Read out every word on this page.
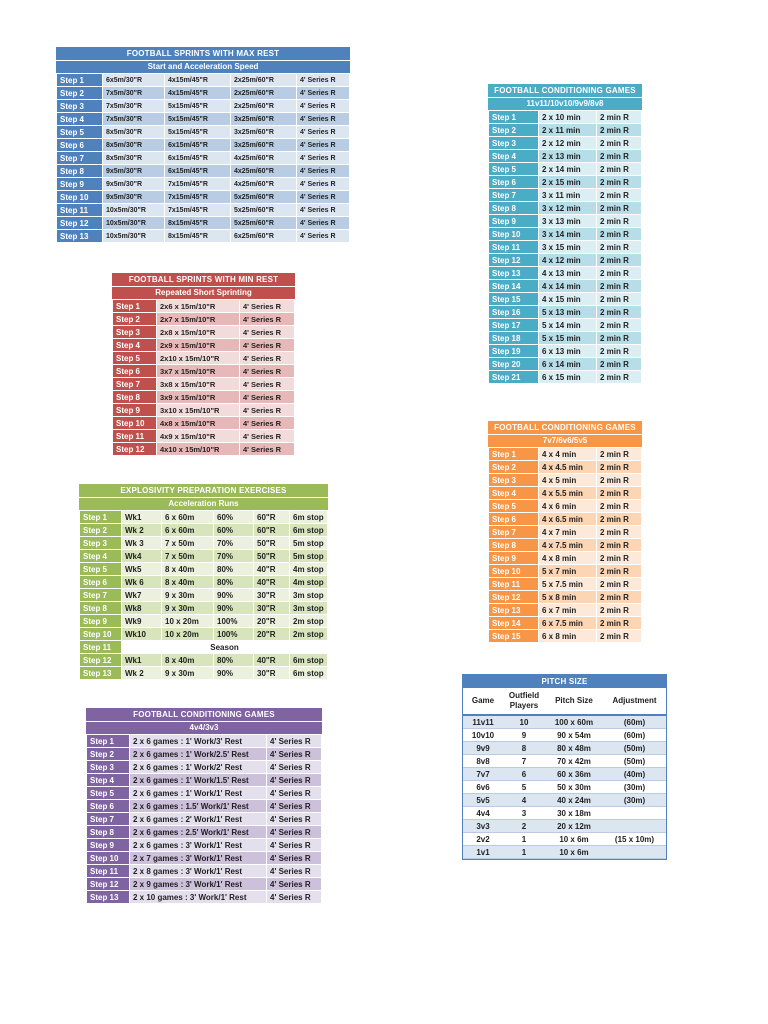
FOOTBALL SPRINTS WITH MAX REST
Start and Acceleration Speed
Step 1	6x5m/30"R	4x15m/45"R	2x25m/60"R	4' Series R
Step 2	7x5m/30"R	4x15m/45"R	2x25m/60"R	4' Series R
Step 3	7x5m/30"R	5x15m/45"R	2x25m/60"R	4' Series R
Step 4	7x5m/30"R	5x15m/45"R	3x25m/60"R	4' Series R
Step 5	8x5m/30"R	5x15m/45"R	3x25m/60"R	4' Series R
Step 6	8x5m/30"R	6x15m/45"R	3x25m/60"R	4' Series R
Step 7	8x5m/30"R	6x15m/45"R	4x25m/60"R	4' Series R
Step 8	9x5m/30"R	6x15m/45"R	4x25m/60"R	4' Series R
Step 9	9x5m/30"R	7x15m/45"R	4x25m/60"R	4' Series R
Step 10	9x5m/30"R	7x15m/45"R	5x25m/60"R	4' Series R
Step 11	10x5m/30"R	7x15m/45"R	5x25m/60"R	4' Series R
Step 12	10x5m/30"R	8x15m/45"R	5x25m/60"R	4' Series R
Step 13	10x5m/30"R	8x15m/45"R	6x25m/60"R	4' Series R
FOOTBALL SPRINTS WITH MIN REST
Repeated Short Sprinting
Step 1	2x6 x 15m/10"R	4' Series R
Step 2	2x7 x 15m/10"R	4' Series R
Step 3	2x8 x 15m/10"R	4' Series R
Step 4	2x9 x 15m/10"R	4' Series R
Step 5	2x10 x 15m/10"R	4' Series R
Step 6	3x7 x 15m/10"R	4' Series R
Step 7	3x8 x 15m/10"R	4' Series R
Step 8	3x9 x 15m/10"R	4' Series R
Step 9	3x10 x 15m/10"R	4' Series R
Step 10	4x8 x 15m/10"R	4' Series R
Step 11	4x9 x 15m/10"R	4' Series R
Step 12	4x10 x 15m/10"R	4' Series R
EXPLOSIVITY PREPARATION EXERCISES
Acceleration Runs
Step 1	Wk1	6 x 60m	60%	60"R	6m stop
Step 2	Wk 2	6 x 60m	60%	60"R	6m stop
Step 3	Wk 3	7 x 50m	70%	50"R	5m stop
Step 4	Wk4	7 x 50m	70%	50"R	5m stop
Step 5	Wk5	8 x 40m	80%	40"R	4m stop
Step 6	Wk 6	8 x 40m	80%	40"R	4m stop
Step 7	Wk7	9 x 30m	90%	30"R	3m stop
Step 8	Wk8	9 x 30m	90%	30"R	3m stop
Step 9	Wk9	10 x 20m	100%	20"R	2m stop
Step 10	Wk10	10 x 20m	100%	20"R	2m stop
Step 11	Season				
Step 12	Wk1	8 x 40m	80%	40"R	6m stop
Step 13	Wk 2	9 x 30m	90%	30"R	6m stop
FOOTBALL CONDITIONING GAMES
4v4/3v3
Step 1	2 x 6 games : 1' Work/3' Rest	4' Series R
Step 2	2 x 6 games : 1' Work/2.5' Rest	4' Series R
Step 3	2 x 6 games : 1' Work/2' Rest	4' Series R
Step 4	2 x 6 games : 1' Work/1.5' Rest	4' Series R
Step 5	2 x 6 games : 1' Work/1' Rest	4' Series R
Step 6	2 x 6 games : 1.5' Work/1' Rest	4' Series R
Step 7	2 x 6 games : 2' Work/1' Rest	4' Series R
Step 8	2 x 6 games : 2.5' Work/1' Rest	4' Series R
Step 9	2 x 6 games : 3' Work/1' Rest	4' Series R
Step 10	2 x 7 games : 3' Work/1' Rest	4' Series R
Step 11	2 x 8 games : 3' Work/1' Rest	4' Series R
Step 12	2 x 9 games : 3' Work/1' Rest	4' Series R
Step 13	2 x 10 games : 3' Work/1' Rest	4' Series R
FOOTBALL CONDITIONING GAMES
11v11/10v10/9v9/8v8
Step 1	2 x 10 min	2 min R
Step 2	2 x 11 min	2 min R
Step 3	2 x 12 min	2 min R
Step 4	2 x 13 min	2 min R
Step 5	2 x 14 min	2 min R
Step 6	2 x 15 min	2 min R
Step 7	3 x 11 min	2 min R
Step 8	3 x 12 min	2 min R
Step 9	3 x 13 min	2 min R
Step 10	3 x 14 min	2 min R
Step 11	3 x 15 min	2 min R
Step 12	4 x 12 min	2 min R
Step 13	4 x 13 min	2 min R
Step 14	4 x 14 min	2 min R
Step 15	4 x 15 min	2 min R
Step 16	5 x 13 min	2 min R
Step 17	5 x 14 min	2 min R
Step 18	5 x 15 min	2 min R
Step 19	6 x 13 min	2 min R
Step 20	6 x 14 min	2 min R
Step 21	6 x 15 min	2 min R
FOOTBALL CONDITIONING GAMES
7v7/6v6/5v5
Step 1	4 x 4 min	2 min R
Step 2	4 x 4.5 min	2 min R
Step 3	4 x 5 min	2 min R
Step 4	4 x 5.5 min	2 min R
Step 5	4 x 6 min	2 min R
Step 6	4 x 6.5 min	2 min R
Step 7	4 x 7 min	2 min R
Step 8	4 x 7.5 min	2 min R
Step 9	4 x 8 min	2 min R
Step 10	5 x 7 min	2 min R
Step 11	5 x 7.5 min	2 min R
Step 12	5 x 8 min	2 min R
Step 13	6 x 7 min	2 min R
Step 14	6 x 7.5 min	2 min R
Step 15	6 x 8 min	2 min R
PITCH SIZE
Game	Outfield Players	Pitch Size	Adjustment
11v11	10	100 x 60m	(60m)
10v10	9	90 x 54m	(60m)
9v9	8	80 x 48m	(50m)
8v8	7	70 x 42m	(50m)
7v7	6	60 x 36m	(40m)
6v6	5	50 x 30m	(30m)
5v5	4	40 x 24m	(30m)
4v4	3	30 x 18m	
3v3	2	20 x 12m	
2v2	1	10 x 6m	(15 x 10m)
1v1	1	10 x 6m	
